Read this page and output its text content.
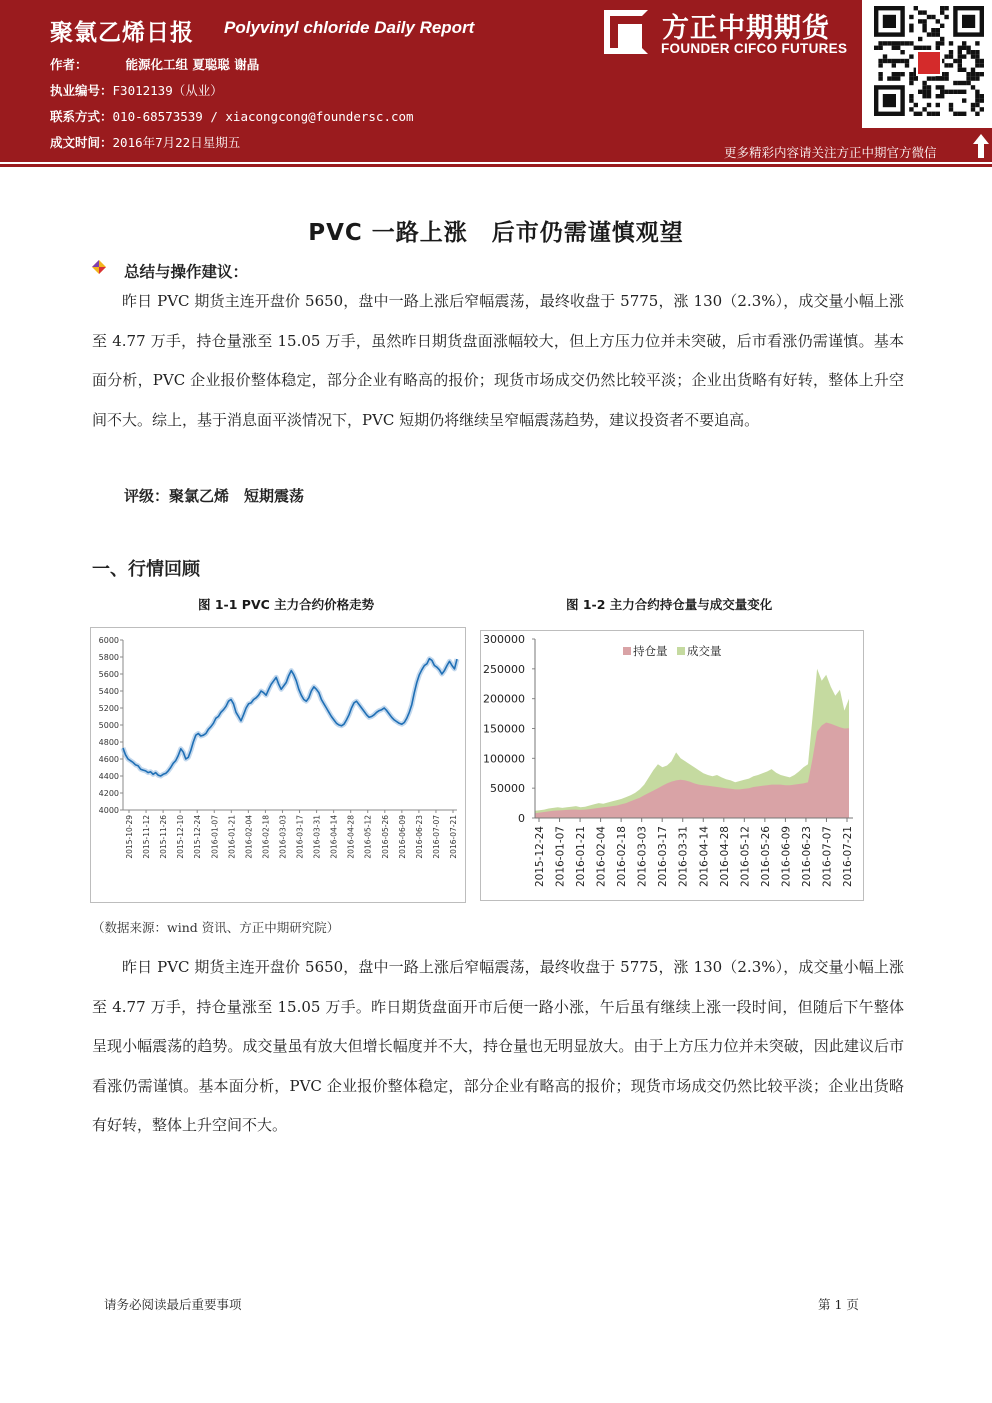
聚氯乙烯日报 Polyvinyl chloride Daily Report
作者：	能源化工组 夏聪聪 谢晶
执业编号：F3012139（从业）
联系方式：010-68573539 / xiacongcong@foundersc.com
成文时间：2016年7月22日星期五
方正中期期货
FOUNDER CIFCO FUTURES
更多精彩内容请关注方正中期官方微信
PVC 一路上涨　后市仍需谨慎观望
总结与操作建议：
昨日 PVC 期货主连开盘价 5650，盘中一路上涨后窄幅震荡，最终收盘于 5775，涨 130（2.3%），成交量小幅上涨至 4.77 万手，持仓量涨至 15.05 万手，虽然昨日期货盘面涨幅较大，但上方压力位并未突破，后市看涨仍需谨慎。基本面分析，PVC 企业报价整体稳定，部分企业有略高的报价；现货市场成交仍然比较平淡；企业出货略有好转，整体上升空间不大。综上，基于消息面平淡情况下，PVC 短期仍将继续呈窄幅震荡趋势，建议投资者不要追高。
评级：聚氯乙烯　短期震荡
一、行情回顾
图 1-1 PVC 主力合约价格走势	图 1-2 主力合约持仓量与成交量变化
4000
4200
4400
4600
4800
5000
5200
5400
5600
5800
6000
2015-10-29 2015-11-12 2015-11-26 2015-12-10 2015-12-24 2016-01-07 2016-01-21 2016-02-04 2016-02-18 2016-03-03 2016-03-17 2016-03-31 2016-04-14 2016-04-28 2016-05-12 2016-05-26 2016-06-09 2016-06-23 2016-07-07 2016-07-21	0
50000
100000
150000
200000
250000
300000
2015-12-24 2016-01-07 2016-01-21 2016-02-04 2016-02-18 2016-03-03 2016-03-17 2016-03-31 2016-04-14 2016-04-28 2016-05-12 2016-05-26 2016-06-09 2016-06-23 2016-07-07 2016-07-21
持仓量 成交量
（数据来源：wind 资讯、方正中期研究院）
昨日 PVC 期货主连开盘价 5650，盘中一路上涨后窄幅震荡，最终收盘于 5775，涨 130（2.3%），成交量小幅上涨至 4.77 万手，持仓量涨至 15.05 万手。昨日期货盘面开市后便一路小涨，午后虽有继续上涨一段时间，但随后下午整体呈现小幅震荡的趋势。成交量虽有放大但增长幅度并不大，持仓量也无明显放大。由于上方压力位并未突破，因此建议后市看涨仍需谨慎。基本面分析，PVC 企业报价整体稳定，部分企业有略高的报价；现货市场成交仍然比较平淡；企业出货略有好转，整体上升空间不大。
请务必阅读最后重要事项	第 1 页
